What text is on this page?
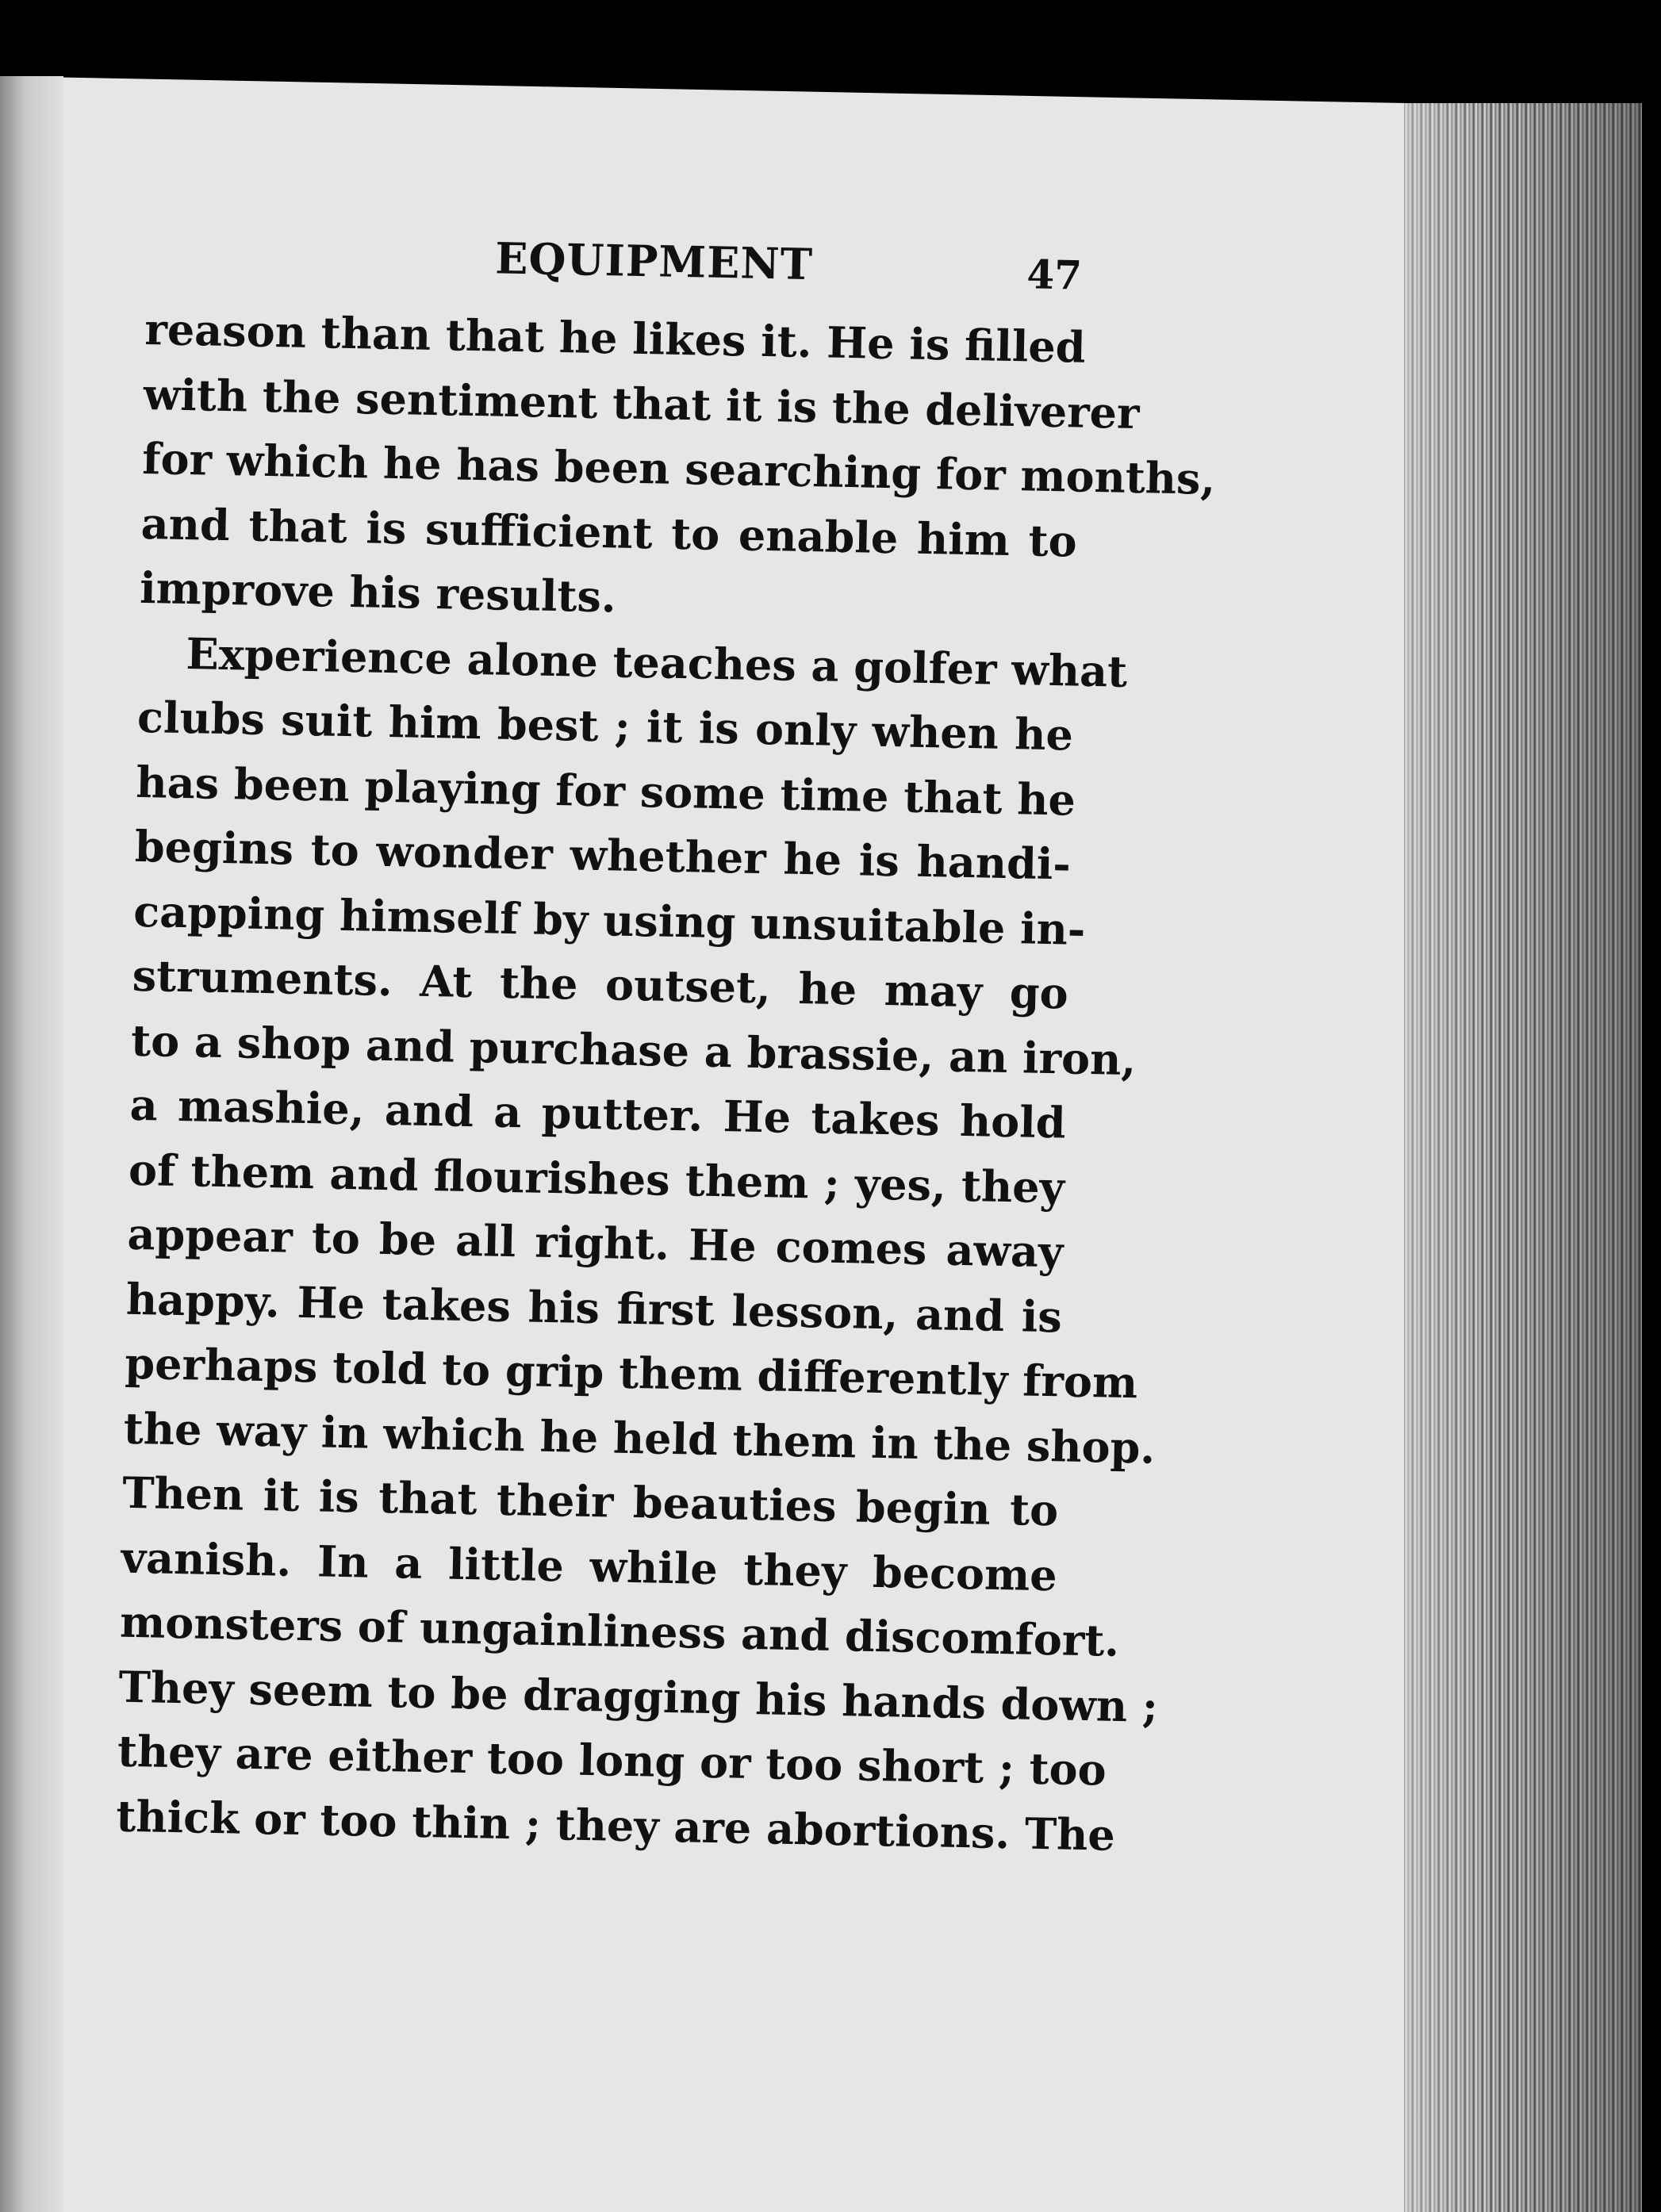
EQUIPMENT	47

reason than that he likes it. He is filled
with the sentiment that it is the deliverer
for which he has been searching for months,
and that is sufficient to enable him to
improve his results.

Experience alone teaches a golfer what
clubs suit him best ; it is only when he
has been playing for some time that he
begins to wonder whether he is handi-
capping himself by using unsuitable in-
struments. At the outset, he may go
to a shop and purchase a brassie, an iron,
a mashie, and a putter. He takes hold
of them and flourishes them ; yes, they
appear to be all right. He comes away
happy. He takes his first lesson, and is
perhaps told to grip them differently from
the way in which he held them in the shop.
Then it is that their beauties begin to
vanish. In a little while they become
monsters of ungainliness and discomfort.
They seem to be dragging his hands down ;
they are either too long or too short ; too
thick or too thin ; they are abortions. The
